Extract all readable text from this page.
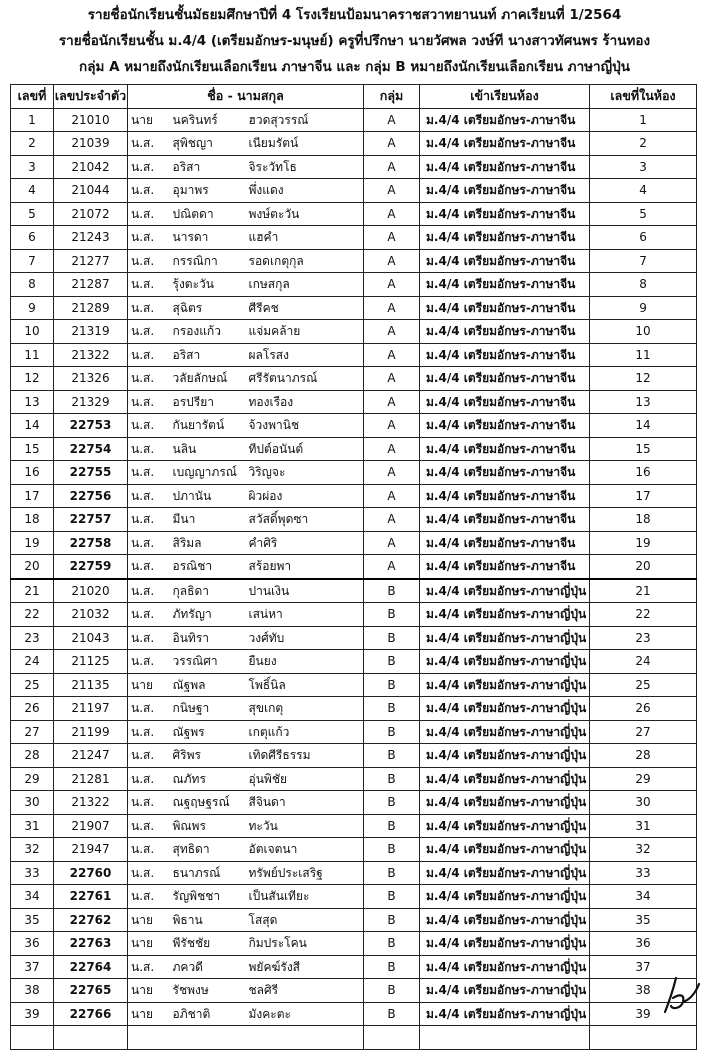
รายชื่อนักเรียนชั้นมัธยมศึกษาปีที่ 4 โรงเรียนป้อมนาคราชสวาทยานนท์ ภาคเรียนที่ 1/2564
รายชื่อนักเรียนชั้น ม.4/4 (เตรียมอักษร-มนุษย์) ครูที่ปรึกษา นายวัศพล วงษ์ที นางสาวทัศนพร ร้านทอง
กลุ่ม A หมายถึงนักเรียนเลือกเรียน ภาษาจีน และ กลุ่ม B หมายถึงนักเรียนเลือกเรียน ภาษาญี่ปุ่น
เลขที่	เลขประจำตัว	ชื่อ - นามสกุล			กลุ่ม	เข้าเรียนห้อง	เลขที่ในห้อง
1	21010	นาย	นครินทร์	ฮวดสุวรรณ์	A	ม.4/4 เตรียมอักษร-ภาษาจีน	1
2	21039	น.ส.	สุพิชญา	เนียมรัตน์	A	ม.4/4 เตรียมอักษร-ภาษาจีน	2
3	21042	น.ส.	อริสา	จิระวัทโธ	A	ม.4/4 เตรียมอักษร-ภาษาจีน	3
4	21044	น.ส.	อุมาพร	พึ่งแดง	A	ม.4/4 เตรียมอักษร-ภาษาจีน	4
5	21072	น.ส.	ปณิตดา	พงษ์ตะวัน	A	ม.4/4 เตรียมอักษร-ภาษาจีน	5
6	21243	น.ส.	นารดา	แฮคำ	A	ม.4/4 เตรียมอักษร-ภาษาจีน	6
7	21277	น.ส.	กรรณิกา	รอดเกตุกุล	A	ม.4/4 เตรียมอักษร-ภาษาจีน	7
8	21287	น.ส.	รุ้งตะวัน	เกษสกุล	A	ม.4/4 เตรียมอักษร-ภาษาจีน	8
9	21289	น.ส.	สุฉิตร	ศีรีคช	A	ม.4/4 เตรียมอักษร-ภาษาจีน	9
10	21319	น.ส.	กรองแก้ว	แจ่มคล้าย	A	ม.4/4 เตรียมอักษร-ภาษาจีน	10
11	21322	น.ส.	อริสา	ผลโรสง	A	ม.4/4 เตรียมอักษร-ภาษาจีน	11
12	21326	น.ส.	วลัยลักษณ์	ศรีรัตนาภรณ์	A	ม.4/4 เตรียมอักษร-ภาษาจีน	12
13	21329	น.ส.	อรปรียา	ทองเรือง	A	ม.4/4 เตรียมอักษร-ภาษาจีน	13
14	22753	น.ส.	กันยารัตน์	จ้วงพานิช	A	ม.4/4 เตรียมอักษร-ภาษาจีน	14
15	22754	น.ส.	นลิน	ทีปต์อนันต์	A	ม.4/4 เตรียมอักษร-ภาษาจีน	15
16	22755	น.ส.	เบญญาภรณ์	วิริญจะ	A	ม.4/4 เตรียมอักษร-ภาษาจีน	16
17	22756	น.ส.	ปภานัน	ผิวผ่อง	A	ม.4/4 เตรียมอักษร-ภาษาจีน	17
18	22757	น.ส.	มีนา	สวัสดิ์พุดซา	A	ม.4/4 เตรียมอักษร-ภาษาจีน	18
19	22758	น.ส.	สิริมล	คำศิริ	A	ม.4/4 เตรียมอักษร-ภาษาจีน	19
20	22759	น.ส.	อรณิชา	สร้อยพา	A	ม.4/4 เตรียมอักษร-ภาษาจีน	20
21	21020	น.ส.	กุลธิดา	ปานเงิน	B	ม.4/4 เตรียมอักษร-ภาษาญี่ปุ่น	21
22	21032	น.ส.	ภัทรัญา	เสน่หา	B	ม.4/4 เตรียมอักษร-ภาษาญี่ปุ่น	22
23	21043	น.ส.	อินทิรา	วงศ์ทับ	B	ม.4/4 เตรียมอักษร-ภาษาญี่ปุ่น	23
24	21125	น.ส.	วรรณิศา	ยืนยง	B	ม.4/4 เตรียมอักษร-ภาษาญี่ปุ่น	24
25	21135	นาย	ณัฐพล	โพธิ์นิล	B	ม.4/4 เตรียมอักษร-ภาษาญี่ปุ่น	25
26	21197	น.ส.	กนิษฐา	สุขเกตุ	B	ม.4/4 เตรียมอักษร-ภาษาญี่ปุ่น	26
27	21199	น.ส.	ณัฐพร	เกตุแก้ว	B	ม.4/4 เตรียมอักษร-ภาษาญี่ปุ่น	27
28	21247	น.ส.	ศิริพร	เทิดศีรีธรรม	B	ม.4/4 เตรียมอักษร-ภาษาญี่ปุ่น	28
29	21281	น.ส.	ณภัทร	อุ่นพิชัย	B	ม.4/4 เตรียมอักษร-ภาษาญี่ปุ่น	29
30	21322	น.ส.	ณฐฤษฐรณ์	สีจินดา	B	ม.4/4 เตรียมอักษร-ภาษาญี่ปุ่น	30
31	21907	น.ส.	พิณพร	ทะวัน	B	ม.4/4 เตรียมอักษร-ภาษาญี่ปุ่น	31
32	21947	น.ส.	สุทธิดา	อัตเจตนา	B	ม.4/4 เตรียมอักษร-ภาษาญี่ปุ่น	32
33	22760	น.ส.	ธนาภรณ์	ทรัพย์ประเสริฐ	B	ม.4/4 เตรียมอักษร-ภาษาญี่ปุ่น	33
34	22761	น.ส.	รัญพิชชา	เป็นสันเทียะ	B	ม.4/4 เตรียมอักษร-ภาษาญี่ปุ่น	34
35	22762	นาย	พิธาน	โสสุด	B	ม.4/4 เตรียมอักษร-ภาษาญี่ปุ่น	35
36	22763	นาย	พีรัชชัย	กิมประโคน	B	ม.4/4 เตรียมอักษร-ภาษาญี่ปุ่น	36
37	22764	น.ส.	ภควดี	พยัคฆ์รังสี	B	ม.4/4 เตรียมอักษร-ภาษาญี่ปุ่น	37
38	22765	นาย	รัชพงษ	ชลศิรี	B	ม.4/4 เตรียมอักษร-ภาษาญี่ปุ่น	38
39	22766	นาย	อภิชาติ	มังคะตะ	B	ม.4/4 เตรียมอักษร-ภาษาญี่ปุ่น	39
